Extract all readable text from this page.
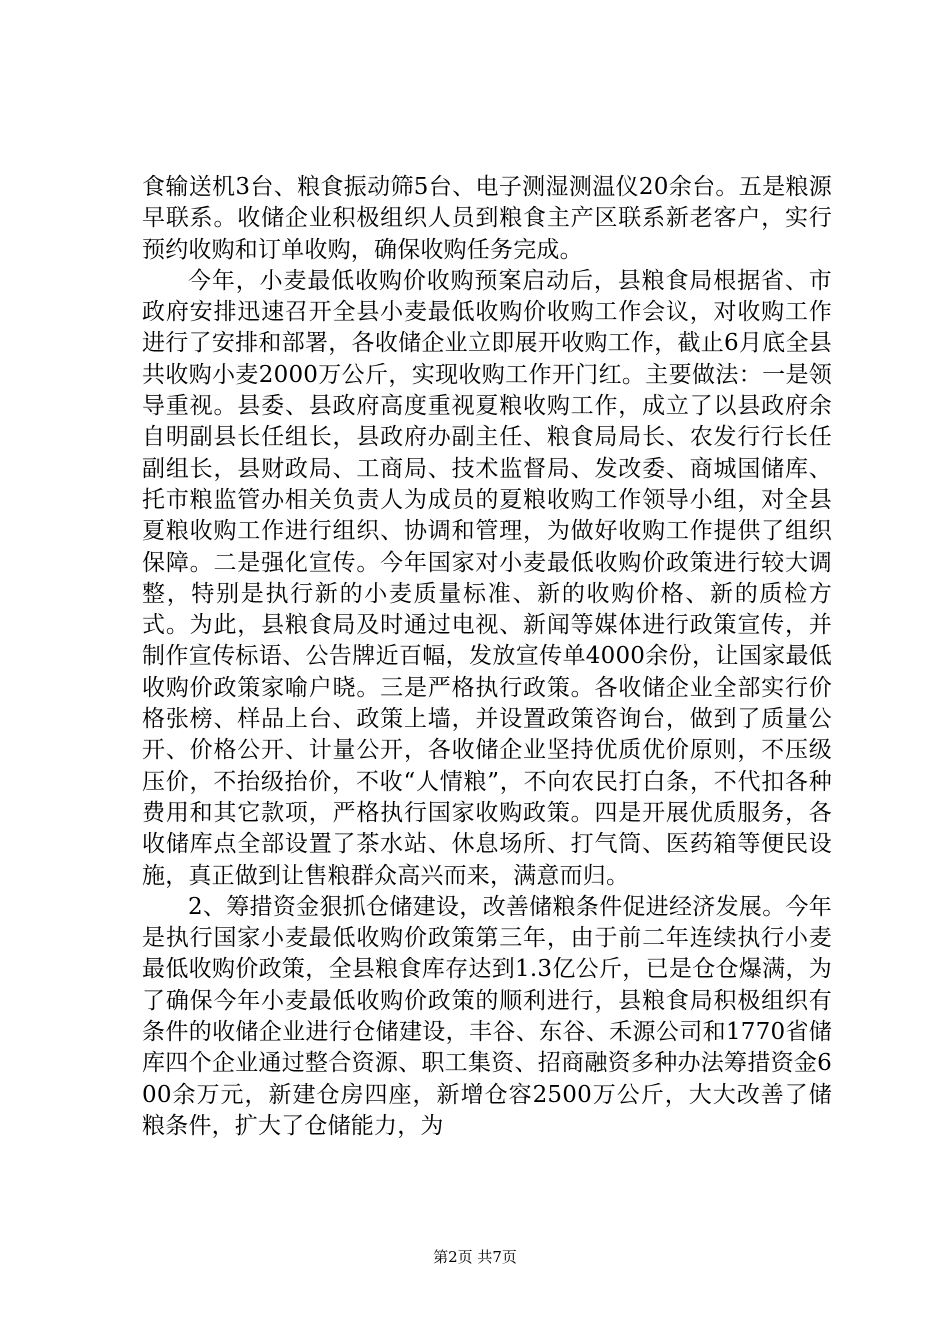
食输送机3台、粮食振动筛5台、电子测湿测温仪20余台。五是粮源早联系。收储企业积极组织人员到粮食主产区联系新老客户，实行预约收购和订单收购，确保收购任务完成。

今年，小麦最低收购价收购预案启动后，县粮食局根据省、市政府安排迅速召开全县小麦最低收购价收购工作会议，对收购工作进行了安排和部署，各收储企业立即展开收购工作，截止6月底全县共收购小麦2000万公斤，实现收购工作开门红。主要做法：一是领导重视。县委、县政府高度重视夏粮收购工作，成立了以县政府余自明副县长任组长，县政府办副主任、粮食局局长、农发行行长任副组长，县财政局、工商局、技术监督局、发改委、商城国储库、托市粮监管办相关负责人为成员的夏粮收购工作领导小组，对全县夏粮收购工作进行组织、协调和管理，为做好收购工作提供了组织保障。二是强化宣传。今年国家对小麦最低收购价政策进行较大调整，特别是执行新的小麦质量标准、新的收购价格、新的质检方式。为此，县粮食局及时通过电视、新闻等媒体进行政策宣传，并制作宣传标语、公告牌近百幅，发放宣传单4000余份，让国家最低收购价政策家喻户晓。三是严格执行政策。各收储企业全部实行价格张榜、样品上台、政策上墙，并设置政策咨询台，做到了质量公开、价格公开、计量公开，各收储企业坚持优质优价原则，不压级压价，不抬级抬价，不收“人情粮”，不向农民打白条，不代扣各种费用和其它款项，严格执行国家收购政策。四是开展优质服务，各收储库点全部设置了茶水站、休息场所、打气筒、医药箱等便民设施，真正做到让售粮群众高兴而来，满意而归。

2、筹措资金狠抓仓储建设，改善储粮条件促进经济发展。今年是执行国家小麦最低收购价政策第三年，由于前二年连续执行小麦最低收购价政策，全县粮食库存达到1.3亿公斤，已是仓仓爆满，为了确保今年小麦最低收购价政策的顺利进行，县粮食局积极组织有条件的收储企业进行仓储建设，丰谷、东谷、禾源公司和1770省储库四个企业通过整合资源、职工集资、招商融资多种办法筹措资金600余万元，新建仓房四座，新增仓容2500万公斤，大大改善了储粮条件，扩大了仓储能力，为

第2页 共7页
